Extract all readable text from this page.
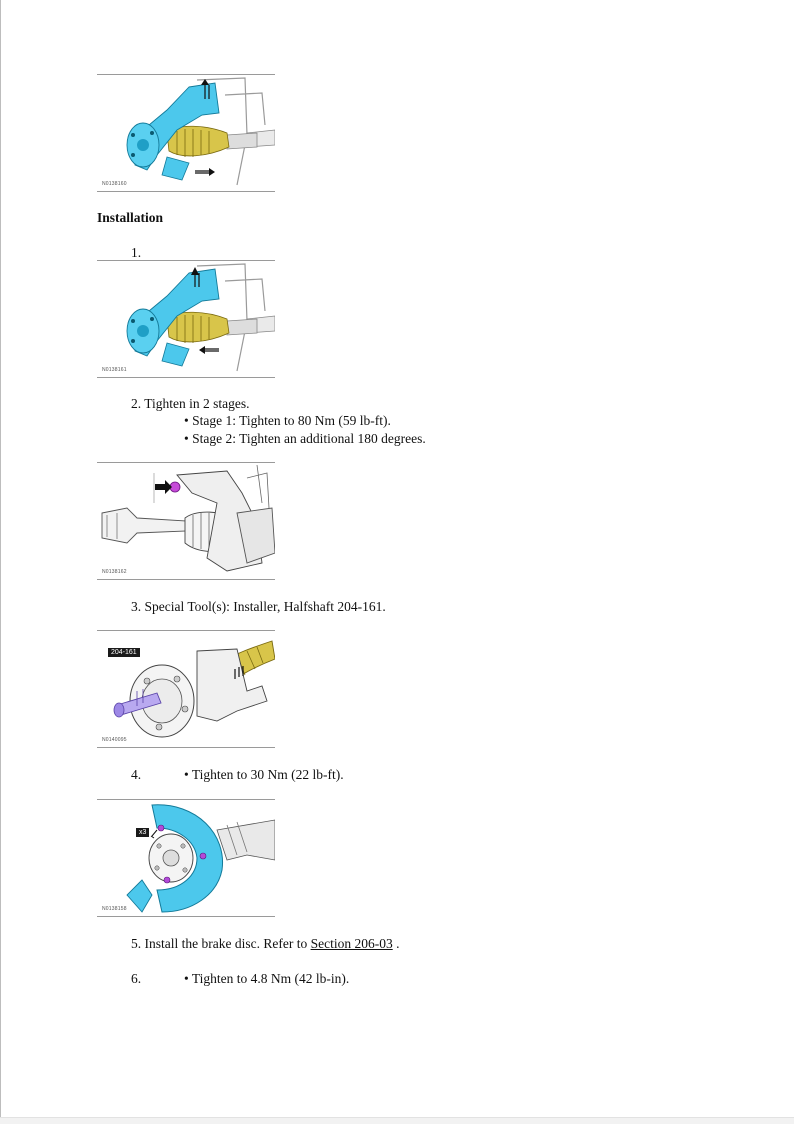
N0138160
Installation
1.
N0138161
2. Tighten in 2 stages.
• Stage 1: Tighten to 80 Nm (59 lb-ft).
• Stage 2: Tighten an additional 180 degrees.
N0138162
3. Special Tool(s): Installer, Halfshaft 204-161.
204-161
N0140095
4.	• Tighten to 30 Nm (22 lb-ft).
x3
N0138158
5. Install the brake disc. Refer to Section 206-03 .
6.	• Tighten to 4.8 Nm (42 lb-in).
